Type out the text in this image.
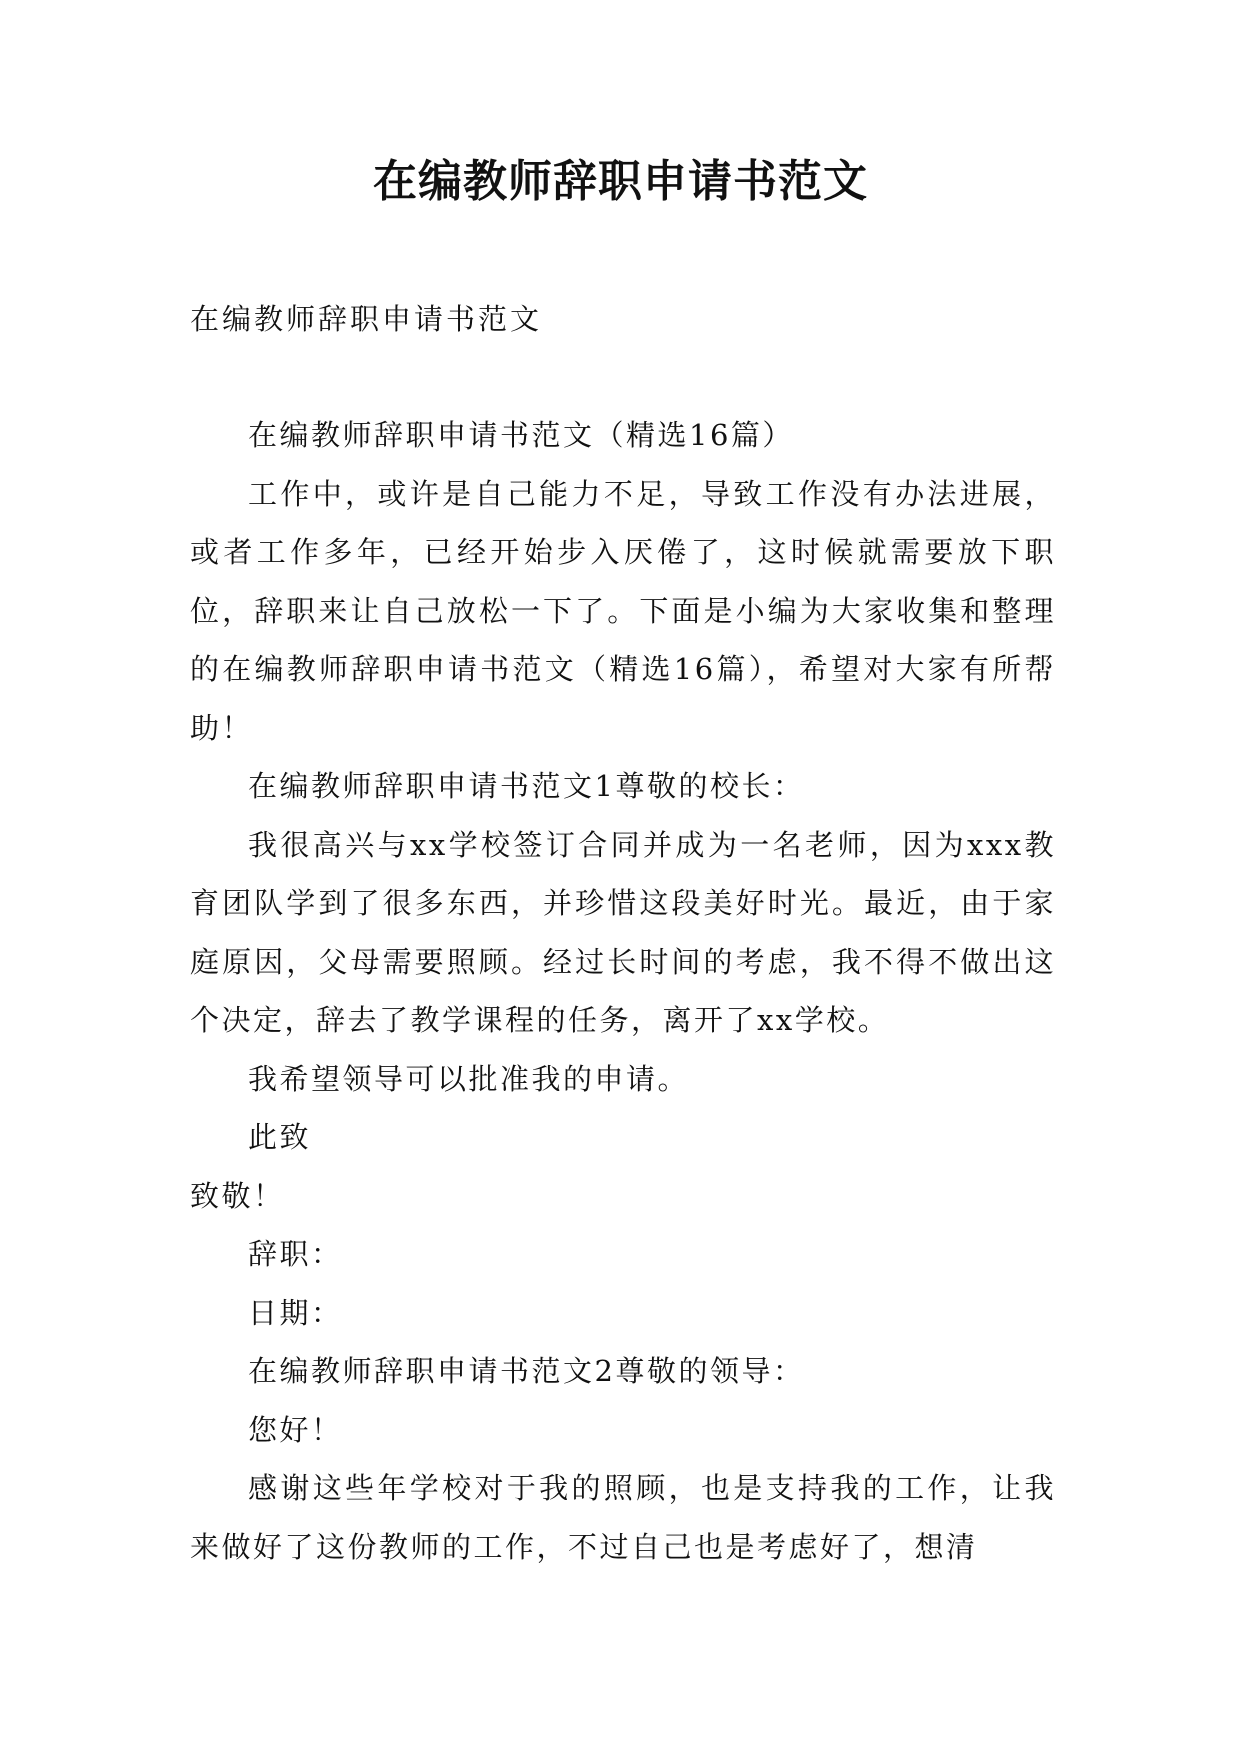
在编教师辞职申请书范文

在编教师辞职申请书范文

在编教师辞职申请书范文（精选16篇）

工作中，或许是自己能力不足，导致工作没有办法进展，或者工作多年，已经开始步入厌倦了，这时候就需要放下职位，辞职来让自己放松一下了。下面是小编为大家收集和整理的在编教师辞职申请书范文（精选16篇），希望对大家有所帮助！

在编教师辞职申请书范文1尊敬的校长：

我很高兴与xx学校签订合同并成为一名老师，因为xxx教育团队学到了很多东西，并珍惜这段美好时光。最近，由于家庭原因，父母需要照顾。经过长时间的考虑，我不得不做出这个决定，辞去了教学课程的任务，离开了xx学校。

我希望领导可以批准我的申请。

此致

致敬！

辞职：

日期：

在编教师辞职申请书范文2尊敬的领导：

您好！

感谢这些年学校对于我的照顾，也是支持我的工作，让我来做好了这份教师的工作，不过自己也是考虑好了，想清
